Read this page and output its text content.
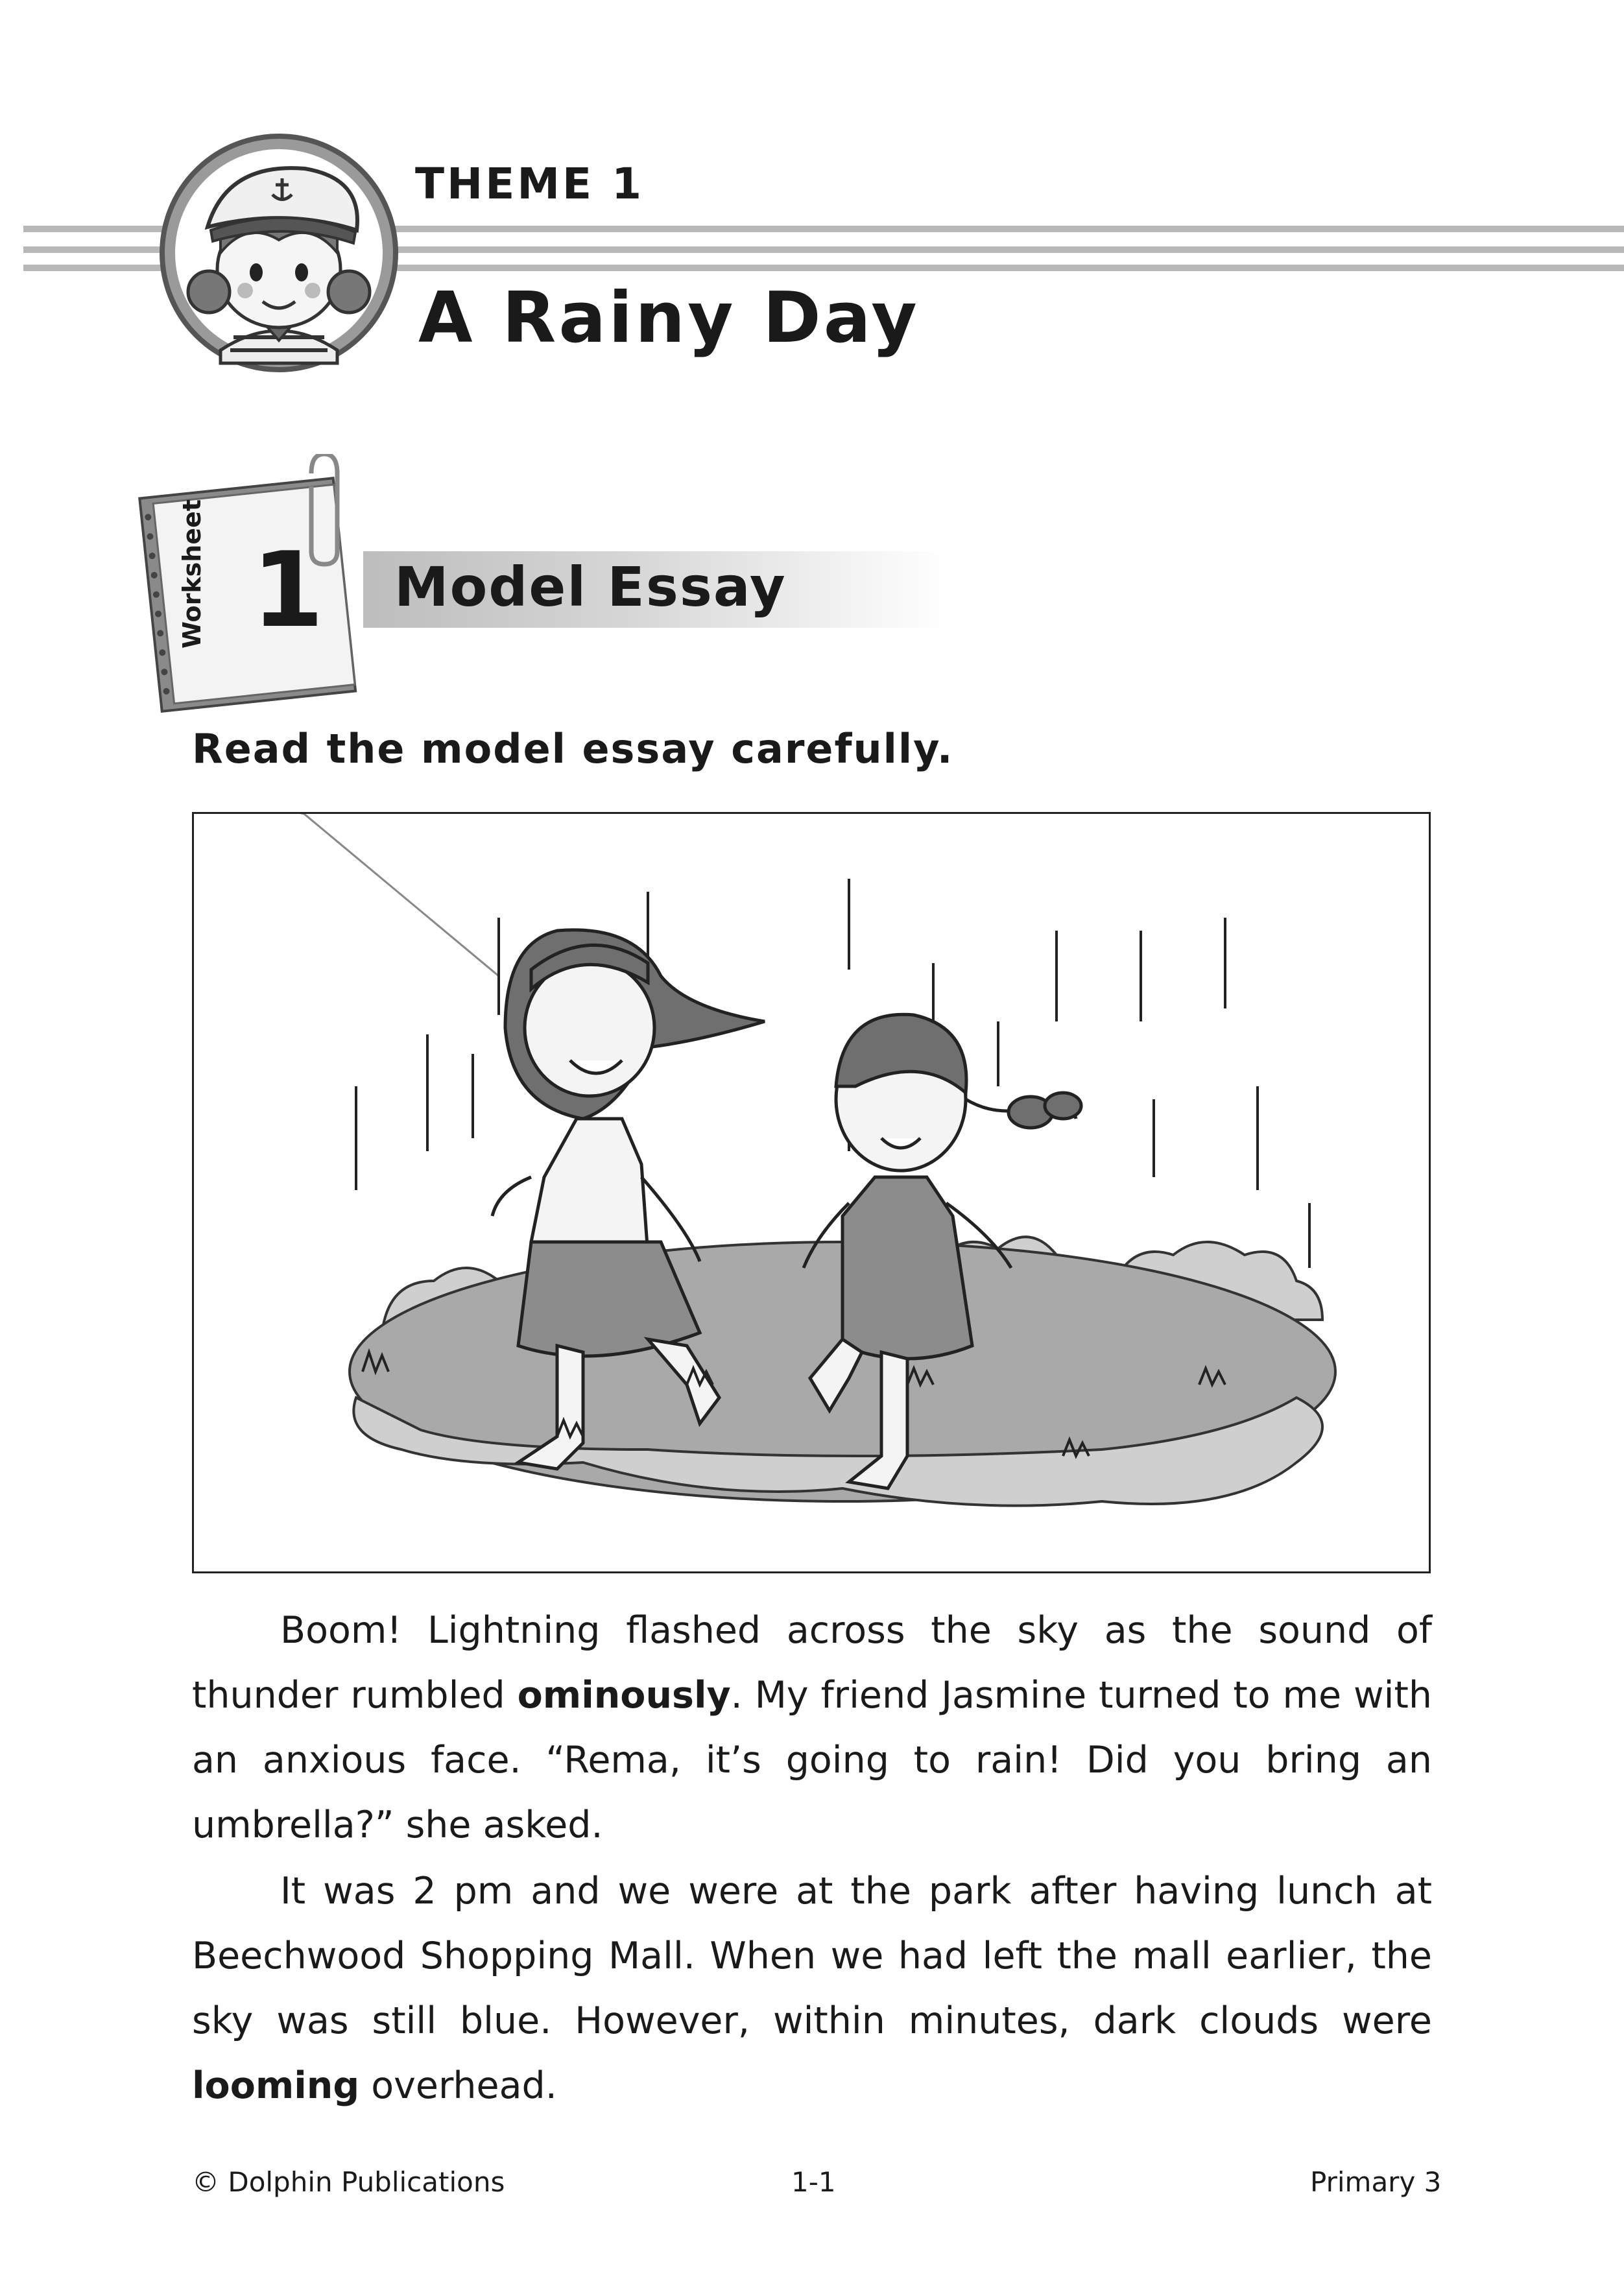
THEME 1
A Rainy Day
Worksheet 1 Model Essay
Read the model essay carefully.

Boom! Lightning flashed across the sky as the sound of thunder rumbled ominously. My friend Jasmine turned to me with an anxious face. “Rema, it’s going to rain! Did you bring an umbrella?” she asked.

It was 2 pm and we were at the park after having lunch at Beechwood Shopping Mall. When we had left the mall earlier, the sky was still blue. However, within minutes, dark clouds were looming overhead.

© Dolphin Publications	1-1	Primary 3
